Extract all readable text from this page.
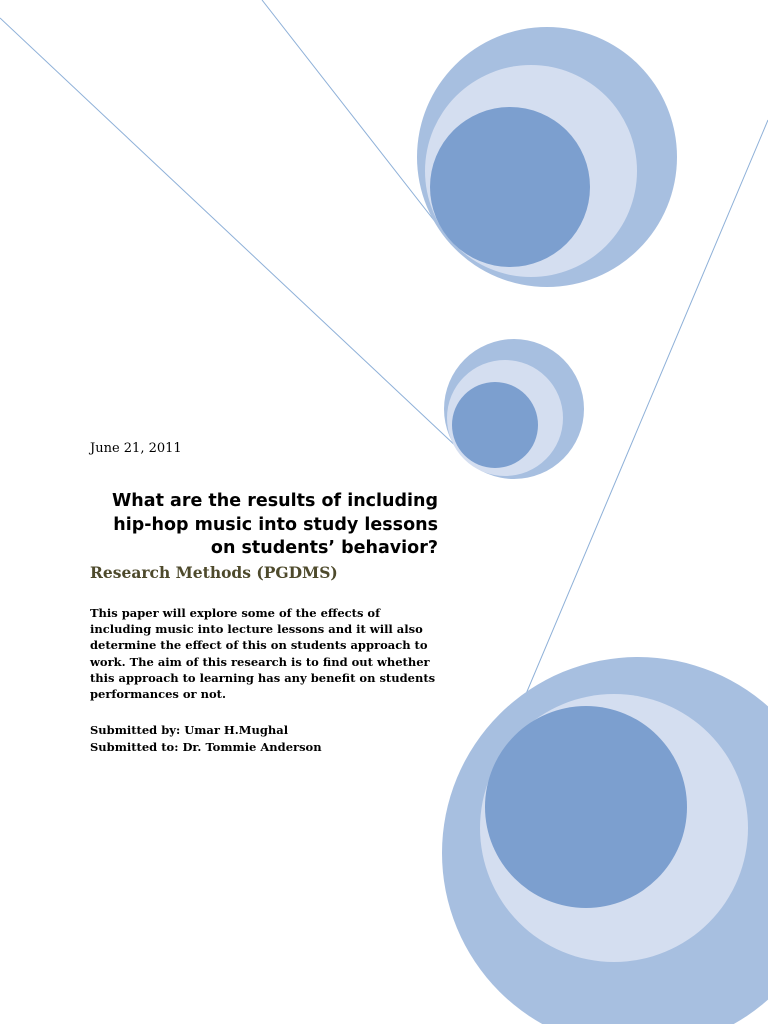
June 21, 2011
What are the results of including hip-hop music into study lessons on students’ behavior?
Research Methods (PGDMS)

This paper will explore some of the effects of including music into lecture lessons and it will also determine the effect of this on students approach to work. The aim of this research is to find out whether this approach to learning has any benefit on students performances or not.

Submitted by: Umar H.Mughal
Submitted to: Dr. Tommie Anderson
